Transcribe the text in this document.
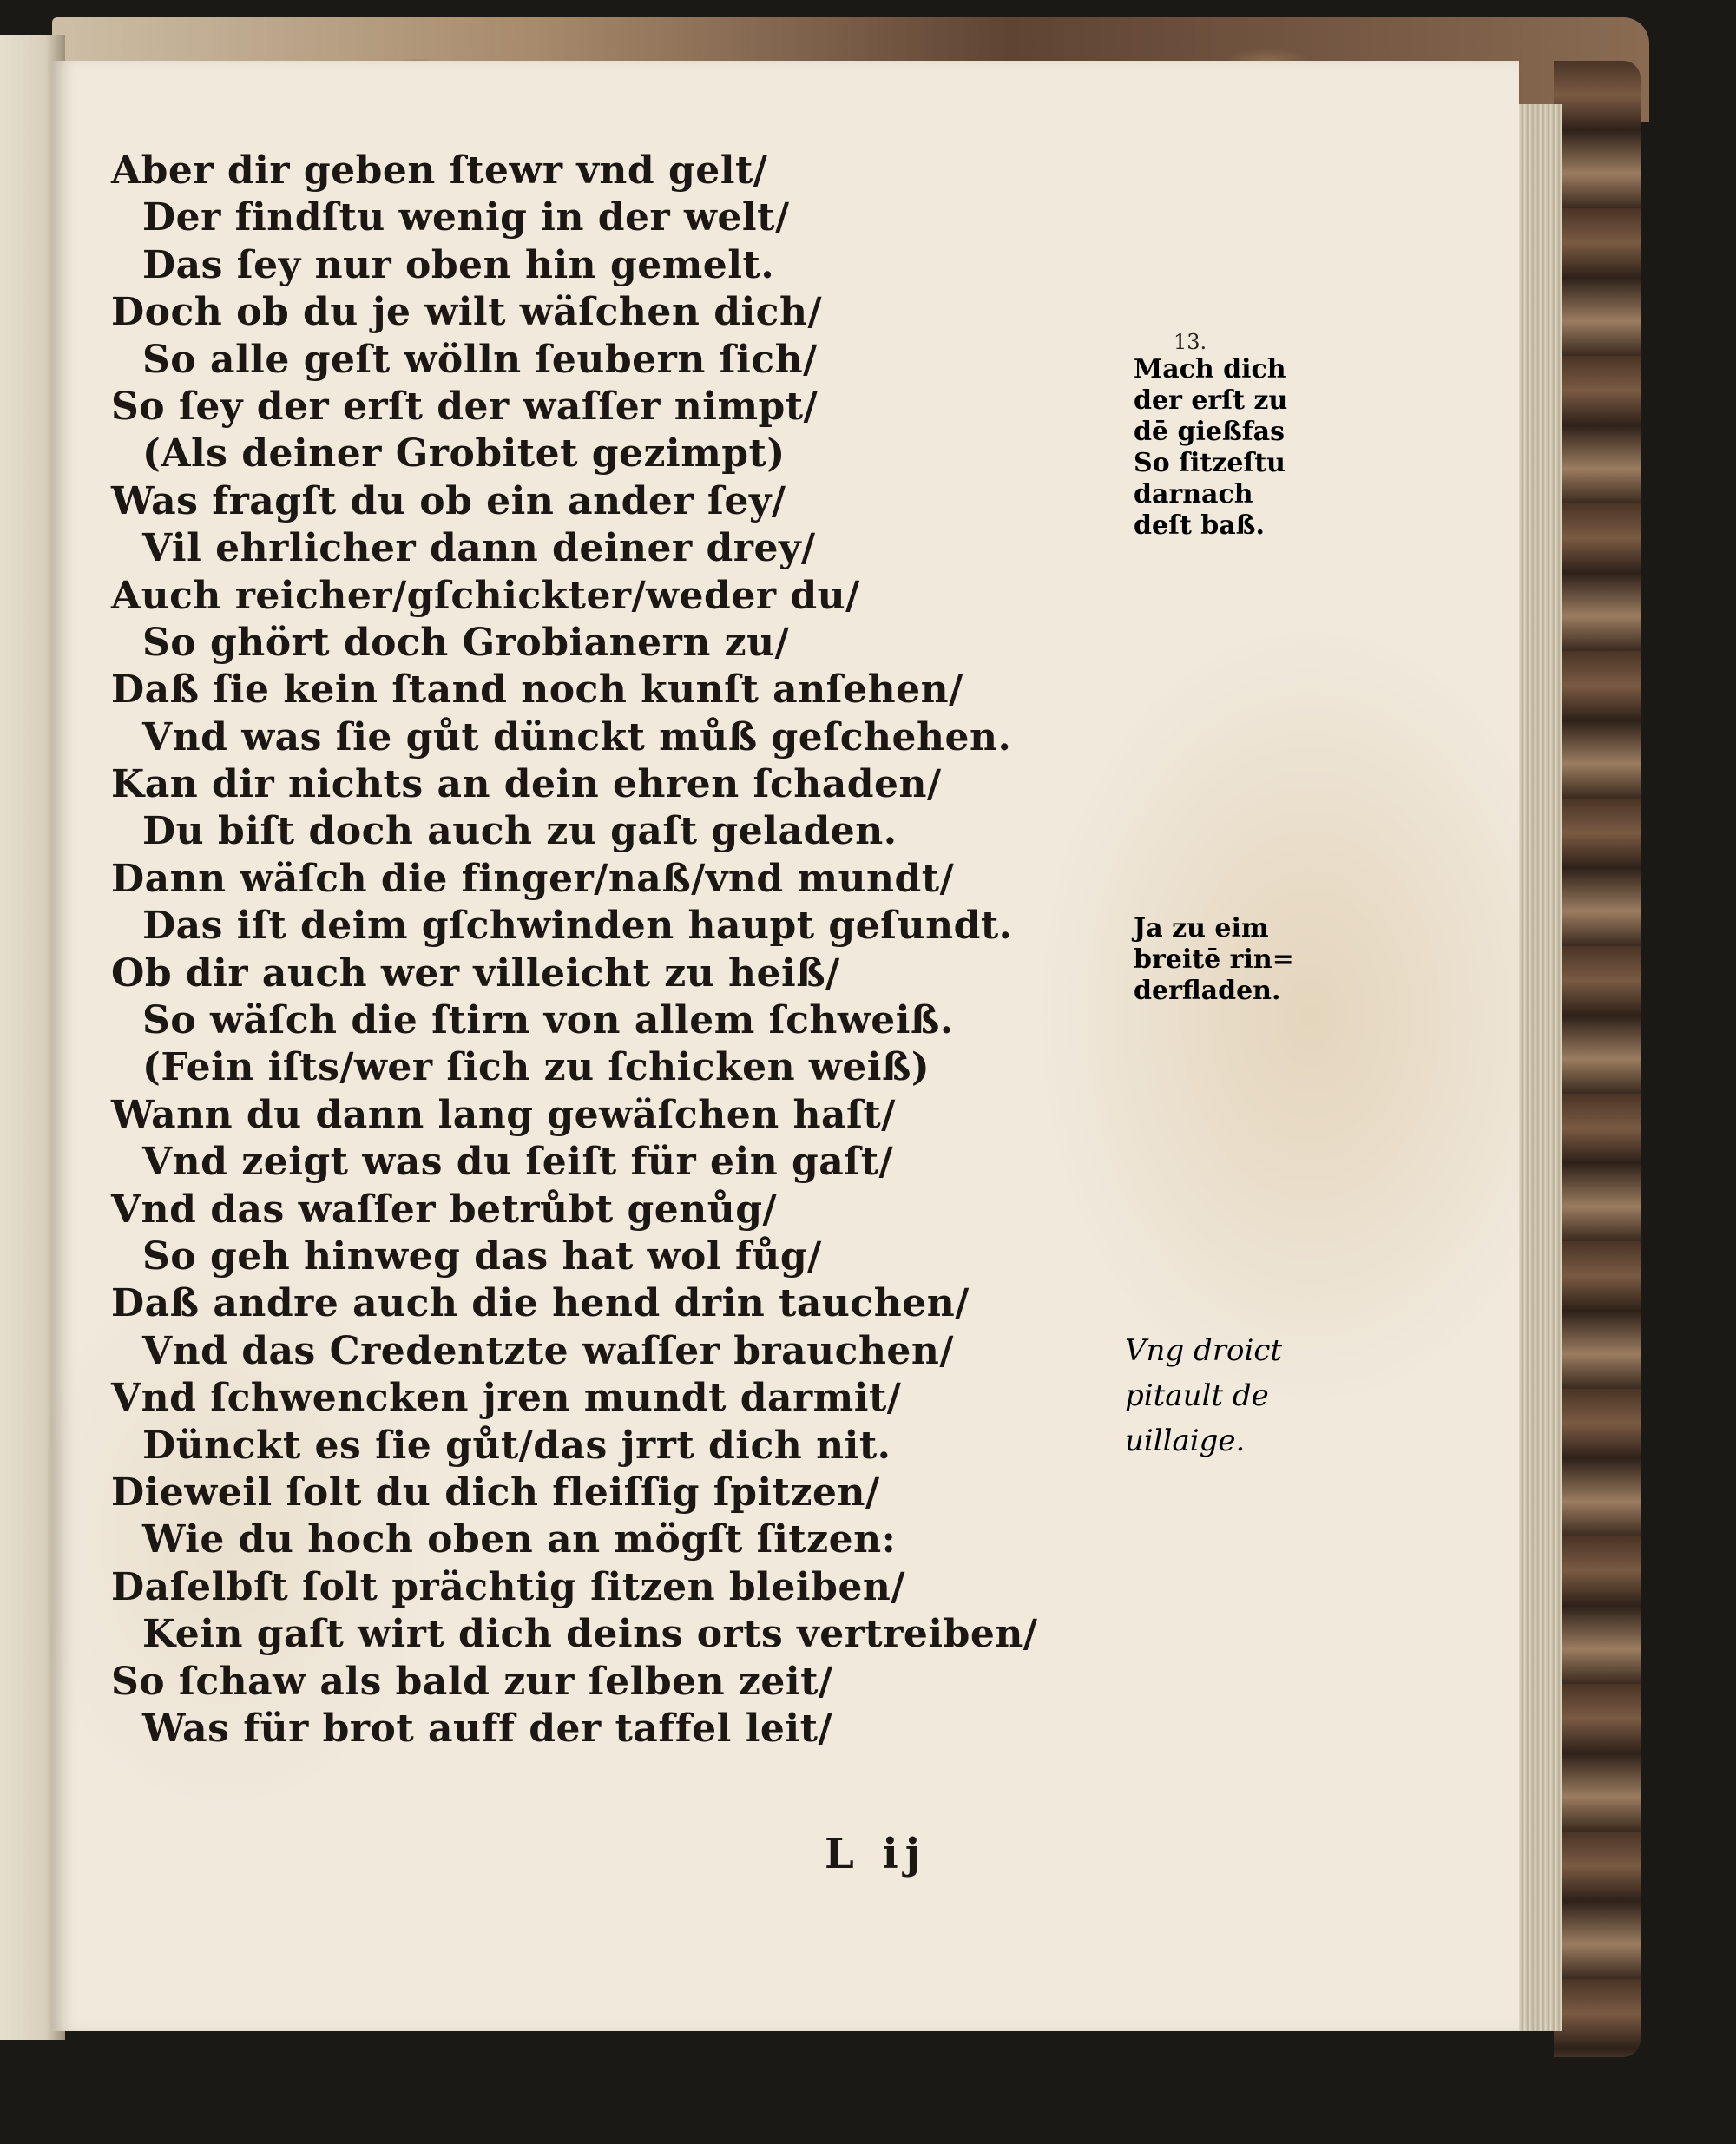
Aber dir geben ſtewr vnd gelt/
Der findſtu wenig in der welt/
Das ſey nur oben hin gemelt.
Doch ob du je wilt wäſchen dich/
So alle geſt wölln ſeubern ſich/
So ſey der erſt der waſſer nimpt/
(Als deiner Grobitet gezimpt)
Was fragſt du ob ein ander ſey/
Vil ehrlicher dann deiner drey/
Auch reicher/gſchickter/weder du/
So ghört doch Grobianern zu/
Daß ſie kein ſtand noch kunſt anſehen/
Vnd was ſie gůt dünckt můß geſchehen.
Kan dir nichts an dein ehren ſchaden/
Du biſt doch auch zu gaſt geladen.
Dann wäſch die finger/naß/vnd mundt/
Das iſt deim gſchwinden haupt geſundt.
Ob dir auch wer villeicht zu heiß/
So wäſch die ſtirn von allem ſchweiß.
(Fein iſts/wer ſich zu ſchicken weiß)
Wann du dann lang gewäſchen haſt/
Vnd zeigt was du ſeiſt für ein gaſt/
Vnd das waſſer betrůbt genůg/
So geh hinweg das hat wol fůg/
Daß andre auch die hend drin tauchen/
Vnd das Credentzte waſſer brauchen/
Vnd ſchwencken jren mundt darmit/
Dünckt es ſie gůt/das jrrt dich nit.
Dieweil ſolt du dich fleiſſig ſpitzen/
Wie du hoch oben an mögſt ſitzen:
Daſelbſt ſolt prächtig ſitzen bleiben/
Kein gaſt wirt dich deins orts vertreiben/
So ſchaw als bald zur ſelben zeit/
Was für brot auff der taffel leit/
13.
Mach dich
der erſt zu
dē gießfas
So ſitzeſtu
darnach
deſt baß.
Ja zu eim
breitē rin=
derfladen.
Vng droict
pitault de
uillaige.
L ij
